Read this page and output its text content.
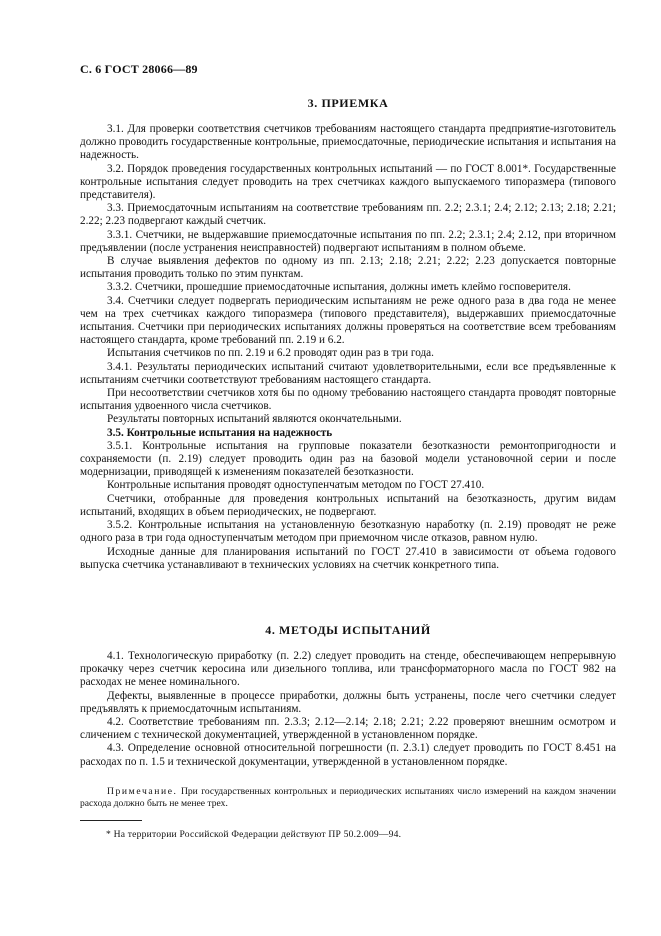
С. 6 ГОСТ 28066—89
3. ПРИЕМКА

3.1. Для проверки соответствия счетчиков требованиям настоящего стандарта предприятие-изготовитель должно проводить государственные контрольные, приемосдаточные, периодические испытания и испытания на надежность.

3.2. Порядок проведения государственных контрольных испытаний — по ГОСТ 8.001*. Государственные контрольные испытания следует проводить на трех счетчиках каждого выпускаемого типоразмера (типового представителя).

3.3. Приемосдаточным испытаниям на соответствие требованиям пп. 2.2; 2.3.1; 2.4; 2.12; 2.13; 2.18; 2.21; 2.22; 2.23 подвергают каждый счетчик.

3.3.1. Счетчики, не выдержавшие приемосдаточные испытания по пп. 2.2; 2.3.1; 2.4; 2.12, при вторичном предъявлении (после устранения неисправностей) подвергают испытаниям в полном объеме.

В случае выявления дефектов по одному из пп. 2.13; 2.18; 2.21; 2.22; 2.23 допускается повторные испытания проводить только по этим пунктам.

3.3.2. Счетчики, прошедшие приемосдаточные испытания, должны иметь клеймо госповерителя.

3.4. Счетчики следует подвергать периодическим испытаниям не реже одного раза в два года не менее чем на трех счетчиках каждого типоразмера (типового представителя), выдержавших приемосдаточные испытания. Счетчики при периодических испытаниях должны проверяться на соответствие всем требованиям настоящего стандарта, кроме требований пп. 2.19 и 6.2.

Испытания счетчиков по пп. 2.19 и 6.2 проводят один раз в три года.

3.4.1. Результаты периодических испытаний считают удовлетворительными, если все предъявленные к испытаниям счетчики соответствуют требованиям настоящего стандарта.

При несоответствии счетчиков хотя бы по одному требованию настоящего стандарта проводят повторные испытания удвоенного числа счетчиков.

Результаты повторных испытаний являются окончательными.

3.5. Контрольные испытания на надежность

3.5.1. Контрольные испытания на групповые показатели безотказности ремонтопригодности и сохраняемости (п. 2.19) следует проводить один раз на базовой модели установочной серии и после модернизации, приводящей к изменениям показателей безотказности.

Контрольные испытания проводят одноступенчатым методом по ГОСТ 27.410.

Счетчики, отобранные для проведения контрольных испытаний на безотказность, другим видам испытаний, входящих в объем периодических, не подвергают.

3.5.2. Контрольные испытания на установленную безотказную наработку (п. 2.19) проводят не реже одного раза в три года одноступенчатым методом при приемочном числе отказов, равном нулю.

Исходные данные для планирования испытаний по ГОСТ 27.410 в зависимости от объема годового выпуска счетчика устанавливают в технических условиях на счетчик конкретного типа.

4. МЕТОДЫ ИСПЫТАНИЙ

4.1. Технологическую приработку (п. 2.2) следует проводить на стенде, обеспечивающем непрерывную прокачку через счетчик керосина или дизельного топлива, или трансформаторного масла по ГОСТ 982 на расходах не менее номинального.

Дефекты, выявленные в процессе приработки, должны быть устранены, после чего счетчики следует предъявлять к приемосдаточным испытаниям.

4.2. Соответствие требованиям пп. 2.3.3; 2.12—2.14; 2.18; 2.21; 2.22 проверяют внешним осмотром и сличением с технической документацией, утвержденной в установленном порядке.

4.3. Определение основной относительной погрешности (п. 2.3.1) следует проводить по ГОСТ 8.451 на расходах по п. 1.5 и технической документации, утвержденной в установленном порядке.

Примечание. При государственных контрольных и периодических испытаниях число измерений на каждом значении расхода должно быть не менее трех.
* На территории Российской Федерации действуют ПР 50.2.009—94.
